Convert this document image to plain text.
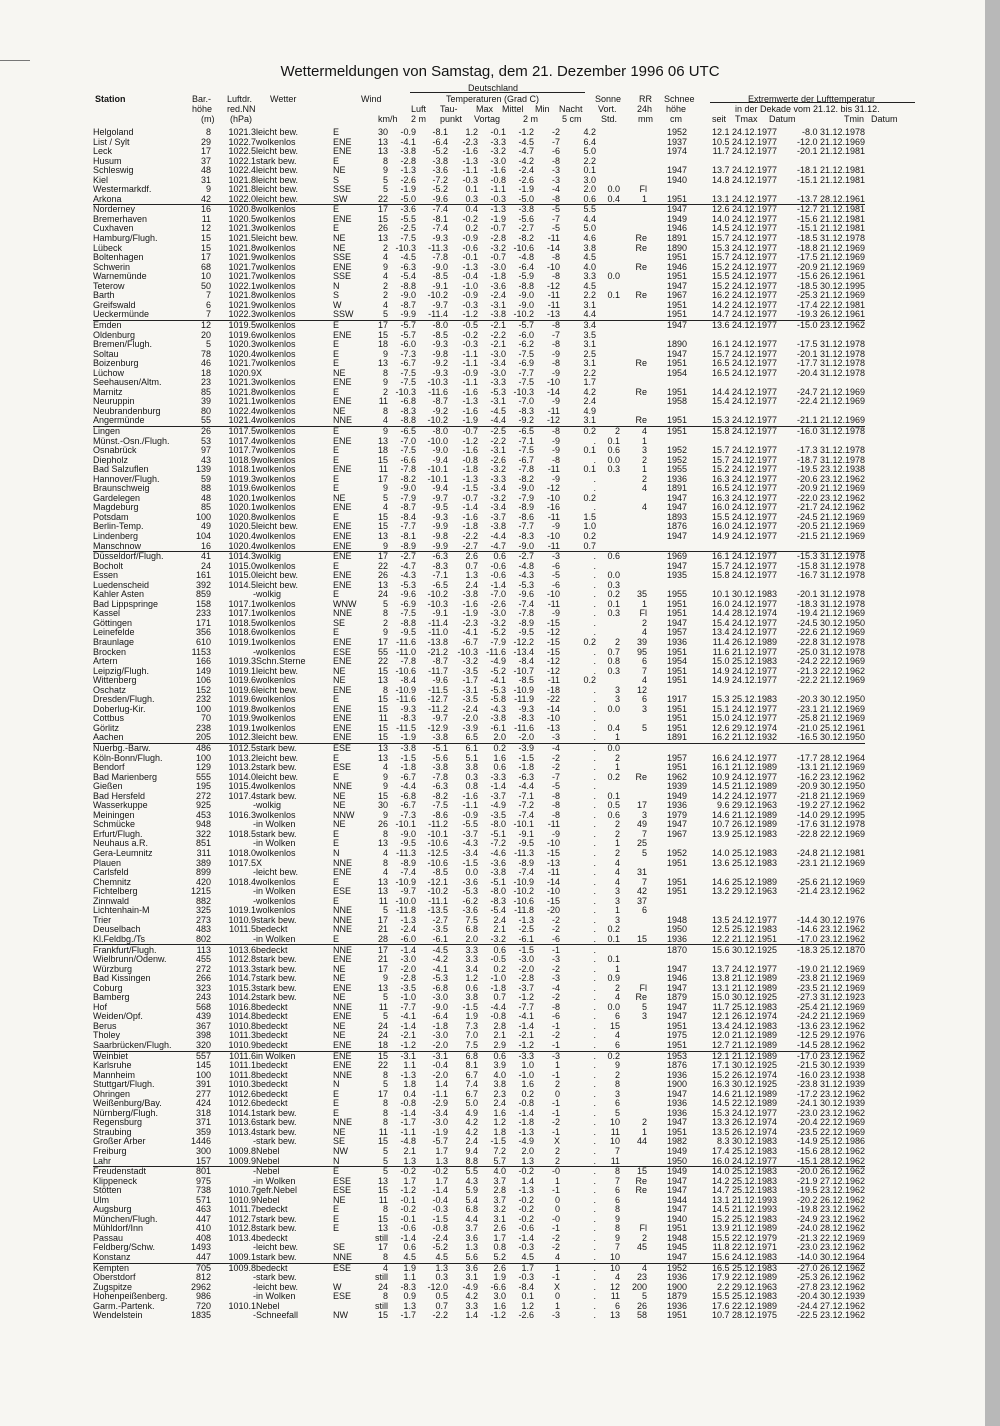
Wettermeldungen von Samstag, dem 21. Dezember 1996 06 UTC
Deutschland
Station	Bar.-
höhe
(m)
Luftdr.
red.NN
(hPa)
Wetter	Wind
km/h
Temperaturen (Grad C)
Luft
2 m
Tau-
punkt
Max Mittel
Vortag
Min
2 m
Nacht
5 cm
Sonne
Vort.
Std.
RR
24h
mm
Schnee
höhe
cm
Extremwerte der Lufttemperatur
in der Dekade vom 21.12. bis 31.12.
seit Tmax Datum	Tmin Datum
Helgoland	8	1021.3	leicht bew.	E	30	-0.9	-8.1	1.2	-0.1	-1.2	-2	4.2			1952	12.1 24.12.1977	-8.0 31.12.1978
List / Sylt	29	1022.7	wolkenlos	ENE	13	-4.1	-6.4	-2.3	-3.3	-4.5	-7	6.4			1937	10.5 24.12.1977	-12.0 21.12.1969
Leck	17	1022.5	leicht bew.	ENE	13	-3.8	-5.2	-1.6	-3.2	-4.7	-6	5.0			1974	11.7 24.12.1977	-20.1 21.12.1981
Husum	37	1022.1	stark bew.	E	8	-2.8	-3.8	-1.3	-3.0	-4.2	-8	2.2					
Schleswig	48	1022.4	leicht bew.	NE	9	-1.3	-3.6	-1.1	-1.6	-2.4	-3	0.1			1947	13.7 24.12.1977	-18.1 21.12.1981
Kiel	31	1021.8	leicht bew.	S	5	-2.6	-7.2	-0.3	-0.8	-2.6	-3	3.0			1940	14.8 24.12.1977	-15.1 21.12.1981
Westermarkdf.	9	1021.8	leicht bew.	SSE	5	-1.9	-5.2	0.1	-1.1	-1.9	-4	2.0	0.0	Fl			
Arkona	42	1022.0	leicht bew.	SW	22	-5.0	-9.6	0.3	-0.3	-5.0	-8	0.6	0.4	1	1951	13.1 24.12.1977	-13.7 28.12.1961
Norderney	16	1020.8	wolkenlos	E	17	-3.6	-7.4	0.4	-1.3	-3.8	-5	5.5			1947	12.6 24.12.1977	-12.7 21.12.1981
Bremerhaven	11	1020.5	wolkenlos	ENE	15	-5.5	-8.1	-0.2	-1.9	-5.6	-7	4.4			1949	14.0 24.12.1977	-15.6 21.12.1981
Cuxhaven	12	1021.3	wolkenlos	E	26	-2.5	-7.4	0.2	-0.7	-2.7	-5	5.0			1946	14.5 24.12.1977	-15.1 21.12.1981
Hamburg/Flugh.	15	1021.5	leicht bew.	NE	13	-7.5	-9.3	-0.9	-2.8	-8.2	-11	4.6		Re	1891	15.7 24.12.1977	-18.5 31.12.1978
Lübeck	15	1021.8	wolkenlos	NE	2	-10.3	-11.3	-0.6	-3.2	-10.6	-14	3.8		Re	1890	15.3 24.12.1977	-18.8 21.12.1969
Boltenhagen	17	1021.9	wolkenlos	SSE	4	-4.5	-7.8	-0.1	-0.7	-4.8	-8	4.5			1951	15.7 24.12.1977	-17.5 21.12.1969
Schwerin	68	1021.7	wolkenlos	ENE	9	-6.3	-9.0	-1.3	-3.0	-6.4	-10	4.0		Re	1946	15.2 24.12.1977	-20.9 21.12.1969
Warnemünde	10	1021.7	wolkenlos	SSE	4	-5.4	-8.5	-0.4	-1.8	-5.9	-8	3.3	0.0		1951	15.5 24.12.1977	-15.6 26.12.1961
Teterow	50	1022.1	wolkenlos	N	2	-8.8	-9.1	-1.0	-3.6	-8.8	-12	4.5			1947	15.2 24.12.1977	-18.5 30.12.1995
Barth	7	1021.8	wolkenlos	S	2	-9.0	-10.2	-0.9	-2.4	-9.0	-11	2.2	0.1	Re	1967	16.2 24.12.1977	-25.3 21.12.1969
Greifswald	6	1021.9	wolkenlos	W	4	-8.7	-9.7	-0.3	-3.1	-9.0	-11	3.1			1951	14.2 24.12.1977	-17.4 22.12.1981
Ueckermünde	7	1022.3	wolkenlos	SSW	5	-9.9	-11.4	-1.2	-3.8	-10.2	-13	4.4			1951	14.7 24.12.1977	-19.3 26.12.1961
Emden	12	1019.5	wolkenlos	E	17	-5.7	-8.0	-0.5	-2.1	-5.7	-8	3.4			1947	13.6 24.12.1977	-15.0 23.12.1962
Oldenburg	20	1019.6	wolkenlos	ENE	15	-5.7	-8.5	-0.2	-2.2	-6.0	-7	3.5					
Bremen/Flugh.	5	1020.3	wolkenlos	E	18	-6.0	-9.3	-0.3	-2.1	-6.2	-8	3.1			1890	16.1 24.12.1977	-17.5 31.12.1978
Soltau	78	1020.4	wolkenlos	E	9	-7.3	-9.8	-1.1	-3.0	-7.5	-9	2.5			1947	15.7 24.12.1977	-20.1 31.12.1978
Boizenburg	46	1021.7	wolkenlos	E	13	-6.7	-9.2	-1.1	-3.4	-6.9	-8	3.1		Re	1951	16.5 24.12.1977	-17.7 31.12.1978
Lüchow	18	1020.9	X	NE	8	-7.5	-9.3	-0.9	-3.0	-7.7	-9	2.2			1954	16.5 24.12.1977	-20.4 31.12.1978
Seehausen/Altm.	23	1021.3	wolkenlos	ENE	9	-7.5	-10.3	-1.1	-3.3	-7.5	-10	1.7					
Marnitz	85	1021.8	wolkenlos	E	2	-10.3	-11.6	-1.6	-5.3	-10.3	-14	4.2		Re	1951	14.4 24.12.1977	-24.7 21.12.1969
Neuruppin	39	1021.1	wolkenlos	ENE	11	-6.8	-8.7	-1.3	-3.1	-7.0	-9	2.4			1958	15.4 24.12.1977	-22.4 21.12.1969
Neubrandenburg	80	1022.4	wolkenlos	NE	8	-8.3	-9.2	-1.6	-4.5	-8.3	-11	4.9					
Angermünde	55	1021.4	wolkenlos	NNE	4	-8.8	-10.2	-1.9	-4.4	-9.2	-12	3.1		Re	1951	15.3 24.12.1977	-21.1 21.12.1969
Lingen	26	1017.5	wolkenlos	E	9	-6.5	-8.0	-0.7	-2.5	-6.5	-8	0.2	2	4	1951	15.8 24.12.1977	-16.0 31.12.1978
Münst.-Osn./Flugh.	53	1017.4	wolkenlos	ENE	13	-7.0	-10.0	-1.2	-2.2	-7.1	-9	.	0.1	1			
Osnabrück	97	1017.7	wolkenlos	E	18	-7.5	-9.0	-1.6	-3.1	-7.5	-9	0.1	0.6	3	1952	15.7 24.12.1977	-17.3 31.12.1978
Diepholz	43	1018.9	wolkenlos	E	15	-6.6	-9.4	-0.8	-2.6	-6.7	-8	.	0.0	2	1952	15.7 24.12.1977	-18.7 31.12.1978
Bad Salzuflen	139	1018.1	wolkenlos	ENE	11	-7.8	-10.1	-1.8	-3.2	-7.8	-11	0.1	0.3	1	1955	15.2 24.12.1977	-19.5 23.12.1938
Hannover/Flugh.	59	1019.3	wolkenlos	E	17	-8.2	-10.1	-1.3	-3.3	-8.2	-9	.		2	1936	16.3 24.12.1977	-20.6 23.12.1962
Braunschweig	88	1019.6	wolkenlos	E	9	-9.0	-9.4	-1.5	-3.4	-9.0	-12	.		4	1891	16.5 24.12.1977	-20.9 21.12.1969
Gardelegen	48	1020.1	wolkenlos	NE	5	-7.9	-9.7	-0.7	-3.2	-7.9	-10	0.2			1947	16.3 24.12.1977	-22.0 23.12.1962
Magdeburg	85	1020.1	wolkenlos	ENE	4	-8.7	-9.5	-1.4	-3.4	-8.9	-16	.		4	1947	16.0 24.12.1977	-21.7 24.12.1962
Potsdam	100	1020.8	wolkenlos	E	15	-8.4	-9.3	-1.6	-3.7	-8.6	-11	1.5			1893	15.5 24.12.1977	-24.5 21.12.1969
Berlin-Temp.	49	1020.5	leicht bew.	ENE	15	-7.7	-9.9	-1.8	-3.8	-7.7	-9	1.0			1876	16.0 24.12.1977	-20.5 21.12.1969
Lindenberg	104	1020.4	wolkenlos	ENE	13	-8.1	-9.8	-2.2	-4.4	-8.3	-10	0.2			1947	14.9 24.12.1977	-21.5 21.12.1969
Manschnow	16	1020.4	wolkenlos	ENE	9	-8.9	-9.9	-2.7	-4.7	-9.0	-11	0.7					
Düsseldorf/Flugh.	41	1014.3	wolkig	ENE	17	-2.7	-6.3	2.6	0.6	-2.7	-3	.	0.6		1969	16.1 24.12.1977	-15.3 31.12.1978
Bocholt	24	1015.0	wolkenlos	E	22	-4.7	-8.3	0.7	-0.6	-4.8	-6	.			1947	15.7 24.12.1977	-15.8 31.12.1978
Essen	161	1015.0	leicht bew.	ENE	26	-4.3	-7.1	1.3	-0.6	-4.3	-5	.	0.0		1935	15.8 24.12.1977	-16.7 31.12.1978
Luedenscheid	392	1014.5	leicht bew.	ENE	13	-5.3	-6.5	2.4	-1.4	-5.3	-6	.	0.3				
Kahler Asten	859	-	wolkig	E	24	-9.6	-10.2	-3.8	-7.0	-9.6	-10	.	0.2	35	1955	10.1 30.12.1983	-20.1 31.12.1978
Bad Lippspringe	158	1017.1	wolkenlos	WNW	5	-6.9	-10.3	-1.6	-2.6	-7.4	-11	.	0.1	1	1951	16.0 24.12.1977	-18.3 31.12.1978
Kassel	233	1017.1	wolkenlos	NNE	8	-7.5	-9.1	-1.9	-3.0	-7.8	-9	.	0.3	Fl	1951	14.4 28.12.1974	-19.4 21.12.1969
Göttingen	171	1018.5	wolkenlos	SE	2	-8.8	-11.4	-2.3	-3.2	-8.9	-15	.		2	1947	15.4 24.12.1977	-24.5 30.12.1950
Leinefelde	356	1018.6	wolkenlos	E	9	-9.5	-11.0	-4.1	-5.2	-9.5	-12	.		4	1957	13.4 24.12.1977	-22.6 21.12.1969
Braunlage	610	1019.1	wolkenlos	ENE	17	-11.6	-13.8	-6.7	-7.9	-12.2	-15	0.2	2	39	1936	11.4 26.12.1989	-22.8 31.12.1978
Brocken	1153	-	wolkenlos	ESE	55	-11.0	-21.2	-10.3	-11.6	-13.4	-15	.	0.7	95	1951	11.6 21.12.1977	-25.0 31.12.1978
Artern	166	1019.3	Schn.Sterne	ENE	22	-7.8	-8.7	-3.2	-4.9	-8.4	-12	.	0.8	6	1954	15.0 25.12.1983	-24.2 22.12.1969
Leipzig/Flugh.	149	1019.1	leicht bew.	NE	15	-10.6	-11.7	-3.5	-5.2	-10.7	-12	.	0.3	7	1951	14.9 24.12.1977	-21.3 22.12.1962
Wittenberg	106	1019.6	wolkenlos	NE	13	-8.4	-9.6	-1.7	-4.1	-8.5	-11	0.2		4	1951	14.9 24.12.1977	-22.2 21.12.1969
Oschatz	152	1019.6	leicht bew.	ENE	8	-10.9	-11.5	-3.1	-5.3	-10.9	-18	.	3	12			
Dresden/Flugh.	232	1019.6	wolkenlos	E	15	-11.6	-12.7	-3.5	-5.8	-11.9	-22	.	3	6	1917	15.3 25.12.1983	-20.3 30.12.1950
Doberlug-Kir.	100	1019.8	wolkenlos	ENE	15	-9.3	-11.2	-2.4	-4.3	-9.3	-14	.	0.0	3	1951	15.1 24.12.1977	-23.1 21.12.1969
Cottbus	70	1019.9	wolkenlos	ENE	11	-8.3	-9.7	-2.0	-3.8	-8.3	-10	.			1951	15.0 24.12.1977	-25.8 21.12.1969
Görlitz	238	1019.1	wolkenlos	ENE	15	-11.5	-12.9	-3.9	-6.1	-11.6	-13	.	0.4	5	1951	12.6 29.12.1974	-21.0 25.12.1961
Aachen	205	1012.3	leicht bew.	ENE	15	-1.9	-3.8	6.5	2.0	-2.0	-3	.	1		1891	16.2 21.12.1932	-16.5 30.12.1950
Nuerbg.-Barw.	486	1012.5	stark bew.	ESE	13	-3.8	-5.1	6.1	0.2	-3.9	-4	.	0.0				
Köln-Bonn/Flugh.	100	1013.2	leicht bew.	E	13	-1.5	-5.6	5.1	1.6	-1.5	-2	.	2		1957	16.6 24.12.1977	-17.7 28.12.1964
Bendorf	129	1013.2	stark bew.	ESE	4	-1.8	-3.8	3.8	0.6	-1.8	-2	.	1		1951	16.1 21.12.1989	-13.1 21.12.1969
Bad Marienberg	555	1014.0	leicht bew.	E	9	-6.7	-7.8	0.3	-3.3	-6.3	-7	.	0.2	Re	1962	10.9 24.12.1977	-16.2 23.12.1962
Gießen	195	1015.4	wolkenlos	NNE	9	-4.4	-6.3	0.8	-1.4	-4.4	-5	.			1939	14.5 21.12.1989	-20.9 30.12.1950
Bad Hersfeld	272	1017.4	stark bew.	NE	15	-6.8	-8.2	-1.6	-3.7	-7.1	-8	.	0.1		1949	14.2 24.12.1977	-21.8 21.12.1969
Wasserkuppe	925	-	wolkig	NE	30	-6.7	-7.5	-1.1	-4.9	-7.2	-8	.	0.5	17	1936	9.6 29.12.1963	-19.2 27.12.1962
Meiningen	453	1016.3	wolkenlos	NNW	9	-7.3	-8.6	-0.9	-3.5	-7.4	-8	.	0.6	3	1979	14.6 21.12.1989	-14.0 29.12.1995
Schmücke	948	-	in Wolken	NE	26	-10.1	-11.2	-5.5	-8.0	-10.1	-11	.	2	49	1947	10.7 26.12.1989	-17.6 31.12.1978
Erfurt/Flugh.	322	1018.5	stark bew.	E	8	-9.0	-10.1	-3.7	-5.1	-9.1	-9	.	2	7	1967	13.9 25.12.1983	-22.8 22.12.1969
Neuhaus a.R.	851	-	in Wolken	E	13	-9.5	-10.6	-4.3	-7.2	-9.5	-10	.	1	25			
Gera-Leumnitz	311	1018.0	wolkenlos	N	4	-11.3	-12.5	-3.4	-4.6	-11.3	-15	.	2	5	1952	14.0 25.12.1983	-24.8 21.12.1981
Plauen	389	1017.5	X	NNE	8	-8.9	-10.6	-1.5	-3.6	-8.9	-13	.	4		1951	13.6 25.12.1983	-23.1 21.12.1969
Carlsfeld	899	-	leicht bew.	ENE	4	-7.4	-8.5	0.0	-3.8	-7.4	-11	.	4	31			
Chemnitz	420	1018.4	wolkenlos	E	13	-10.9	-12.1	-3.6	-5.1	-10.9	-14	.	4	7	1951	14.6 25.12.1989	-25.6 21.12.1969
Fichtelberg	1215	-	in Wolken	ESE	13	-9.7	-10.2	-5.3	-8.0	-10.2	-10	.	3	42	1951	13.2 29.12.1963	-21.4 23.12.1962
Zinnwald	882	-	wolkenlos	E	11	-10.0	-11.1	-6.2	-8.3	-10.6	-15	.	3	37			
Lichtenhain-M	325	1019.1	wolkenlos	NNE	5	-11.8	-13.5	-3.6	-5.4	-11.8	-20	.	1	6			
Trier	273	1010.9	stark bew.	NNE	17	-1.3	-2.7	7.5	2.4	-1.3	-2	.	3		1948	13.5 24.12.1977	-14.4 30.12.1976
Deuselbach	483	1011.5	bedeckt	NNE	21	-2.4	-3.5	6.8	2.1	-2.5	-2	.	0.2		1950	12.5 25.12.1983	-14.6 23.12.1962
Kl.Feldbg./Ts	802	-	in Wolken	E	28	-6.0	-6.1	2.0	-3.2	-6.1	-6	.	0.1	15	1936	12.2 21.12.1951	-17.0 23.12.1962
Frankfurt/Flugh.	113	1013.6	bedeckt	NNE	17	-1.4	-4.5	3.3	0.6	-1.5	-1	.			1870	15.6 30.12.1925	-18.3 25.12.1870
Wielbrunn/Odenw.	455	1012.8	stark bew.	ENE	21	-3.0	-4.2	3.3	-0.5	-3.0	-3	.	0.1				
Würzburg	272	1013.3	stark bew.	NE	17	-2.0	-4.1	3.4	0.2	-2.0	-2	.	1		1947	13.7 24.12.1977	-19.0 21.12.1969
Bad Kissingen	266	1014.7	stark bew.	NE	9	-2.8	-5.3	1.2	-1.0	-2.8	-3	.	0.9		1946	13.8 21.12.1989	-23.8 21.12.1969
Coburg	323	1015.3	stark bew.	ENE	13	-3.5	-6.8	0.6	-1.8	-3.7	-4	.	2	Fl	1947	13.1 21.12.1989	-23.5 21.12.1969
Bamberg	243	1014.2	stark bew.	NE	5	-1.0	-3.0	3.8	0.7	-1.2	-2	.	4	Re	1879	15.0 30.12.1925	-27.3 31.12.1923
Hof	568	1016.8	bedeckt	NNE	11	-7.7	-9.0	-1.5	-4.4	-7.7	-8	.	0.0	5	1947	11.7 25.12.1983	-25.4 21.12.1969
Weiden/Opf.	439	1014.8	bedeckt	ENE	5	-4.1	-6.4	1.9	-0.8	-4.1	-6	.	6	3	1947	12.1 26.12.1974	-24.2 21.12.1969
Berus	367	1010.8	bedeckt	NE	24	-1.4	-1.8	7.3	2.8	-1.4	-1	.	15		1951	13.4 24.12.1983	-13.6 23.12.1962
Tholey	398	1011.3	bedeckt	NE	24	-2.1	-3.0	7.0	2.1	-2.1	-2	.	4		1975	12.0 21.12.1989	-12.5 29.12.1976
Saarbrücken/Flugh.	320	1010.9	bedeckt	ENE	18	-1.2	-2.0	7.5	2.9	-1.2	-1	.	6		1951	12.7 21.12.1989	-14.5 28.12.1962
Weinbiet	557	1011.6	in Wolken	ENE	15	-3.1	-3.1	6.8	0.6	-3.3	-3	.	0.2		1953	12.1 21.12.1989	-17.0 23.12.1962
Karlsruhe	145	1011.1	bedeckt	ENE	22	1.1	-0.4	8.1	3.9	1.0	1	.	9		1876	17.1 30.12.1925	-21.5 30.12.1939
Mannheim	100	1011.8	bedeckt	NNE	8	-1.3	-2.0	6.7	4.0	-1.0	-1	.	2		1936	15.2 26.12.1974	-16.0 23.12.1938
Stuttgart/Flugh.	391	1010.3	bedeckt	N	5	1.8	1.4	7.4	3.8	1.6	2	.	8		1900	16.3 30.12.1925	-23.8 31.12.1939
Öhringen	277	1012.6	bedeckt	E	17	0.4	-1.1	6.7	2.3	0.2	0	.	3		1947	14.6 21.12.1989	-17.2 23.12.1962
Weißenburg/Bay.	424	1012.6	bedeckt	E	8	-0.8	-2.9	5.0	2.4	-0.8	-1	.	6		1936	14.5 22.12.1989	-24.1 30.12.1939
Nürnberg/Flugh.	318	1014.1	stark bew.	E	8	-1.4	-3.4	4.9	1.6	-1.4	-1	.	5		1936	15.3 24.12.1977	-23.0 23.12.1962
Regensburg	371	1013.6	stark bew.	NNE	8	-1.7	-3.0	4.2	1.2	-1.8	-2	.	10	2	1947	13.3 26.12.1974	-20.4 22.12.1969
Straubing	359	1013.4	stark bew.	NE	11	-1.1	-1.9	4.2	1.8	-1.3	-1	.	11	1	1951	13.5 26.12.1974	-23.5 22.12.1969
Großer Arber	1446	-	stark bew.	SE	15	-4.8	-5.7	2.4	-1.5	-4.9	X	.	10	44	1982	8.3 30.12.1983	-14.9 25.12.1986
Freiburg	300	1009.8	Nebel	NW	5	2.1	1.7	9.4	7.2	2.0	2	.	7		1949	17.4 25.12.1983	-15.6 28.12.1962
Lahr	157	1009.9	Nebel	N	5	1.3	1.3	8.8	5.7	1.3	2	.	11		1950	16.0 24.12.1977	-15.1 28.12.1962
Freudenstadt	801	-	Nebel	E	5	-0.2	-0.2	5.5	4.0	-0.2	-0	.	8	15	1949	14.0 25.12.1983	-20.0 26.12.1962
Klippeneck	975	-	in Wolken	ESE	13	1.7	1.7	4.3	3.7	1.4	1	.	7	Re	1947	14.2 25.12.1983	-21.9 27.12.1962
Stötten	738	1010.7	gefr.Nebel	ESE	15	-1.2	-1.4	5.9	2.8	-1.3	-1	.	6	Re	1947	14.7 25.12.1983	-19.5 23.12.1962
Ulm	571	1010.9	Nebel	NE	11	-0.1	-0.4	5.4	3.7	-0.2	0	.	6		1944	13.1 21.12.1993	-20.2 26.12.1962
Augsburg	463	1011.7	bedeckt	E	8	-0.2	-0.3	6.8	3.2	-0.2	0	.	8		1947	14.5 21.12.1993	-19.8 23.12.1962
München/Flugh.	447	1012.7	stark bew.	E	15	-0.1	-1.5	4.4	3.1	-0.2	-0	.	9		1940	15.2 25.12.1983	-24.9 23.12.1962
Mühldorf/Inn	410	1012.8	stark bew.	E	13	-0.6	-0.8	3.7	2.6	-0.6	-1	.	8	Fl	1951	13.9 21.12.1989	-24.0 28.12.1962
Passau	408	1013.4	bedeckt		still	-1.4	-2.4	3.6	1.7	-1.4	-2	.	9	2	1948	15.5 22.12.1979	-21.3 22.12.1969
Feldberg/Schw.	1493	-	leicht bew.	SE	17	0.6	-5.2	1.3	0.8	-0.3	-2	.	7	45	1945	11.8 22.12.1971	-23.0 23.12.1962
Konstanz	447	1009.1	stark bew.	NNE	8	4.5	4.5	5.6	5.2	4.5	4	.	10		1947	15.6 24.12.1983	-14.0 30.12.1964
Kempten	705	1009.8	bedeckt	ESE	4	1.9	1.3	3.6	2.6	1.7	1	.	10	4	1952	16.5 25.12.1983	-27.0 26.12.1962
Oberstdorf	812	-	stark bew.		still	1.1	0.3	3.1	1.9	-0.3	-1	.	4	23	1936	17.9 22.12.1989	-25.3 26.12.1962
Zugspitze	2962	-	leicht bew.	W	24	-8.3	-12.0	-4.9	-6.6	-8.4	X	.	12	200	1900	2.2 29.12.1963	-27.8 23.12.1962
Hohenpeißenberg.	986	-	in Wolken	ESE	8	0.9	0.5	4.2	3.0	0.1	0	.	11	5	1879	15.5 25.12.1983	-20.4 30.12.1939
Garm.-Partenk.	720	1010.1	Nebel		still	1.3	0.7	3.3	1.6	1.2	1	.	6	26	1936	17.6 22.12.1989	-24.4 27.12.1962
Wendelstein	1835	-	Schneefall	NW	15	-1.7	-2.2	1.4	-1.2	-2.6	-3	.	13	58	1951	10.7 28.12.1975	-22.5 23.12.1962
